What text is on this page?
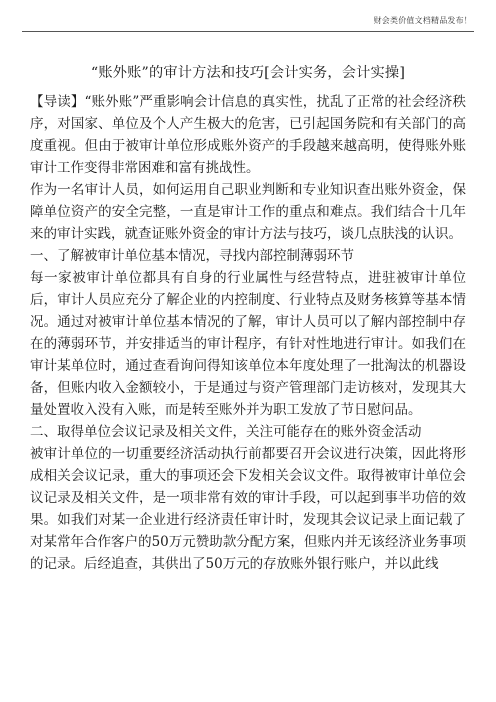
财会类价值文档精品发布！
“账外账”的审计方法和技巧[会计实务，会计实操]

【导读】“账外账”严重影响会计信息的真实性，扰乱了正常的社会经济秩序，对国家、单位及个人产生极大的危害，已引起国务院和有关部门的高度重视。但由于被审计单位形成账外资产的手段越来越高明，使得账外账审计工作变得非常困难和富有挑战性。

作为一名审计人员，如何运用自己职业判断和专业知识查出账外资金，保障单位资产的安全完整，一直是审计工作的重点和难点。我们结合十几年来的审计实践，就查证账外资金的审计方法与技巧，谈几点肤浅的认识。

一、了解被审计单位基本情况，寻找内部控制薄弱环节

每一家被审计单位都具有自身的行业属性与经营特点，进驻被审计单位后，审计人员应充分了解企业的内控制度、行业特点及财务核算等基本情况。通过对被审计单位基本情况的了解，审计人员可以了解内部控制中存在的薄弱环节，并安排适当的审计程序，有针对性地进行审计。如我们在审计某单位时，通过查看询问得知该单位本年度处理了一批淘汰的机器设备，但账内收入金额较小，于是通过与资产管理部门走访核对，发现其大量处置收入没有入账，而是转至账外并为职工发放了节日慰问品。

二、取得单位会议记录及相关文件，关注可能存在的账外资金活动

被审计单位的一切重要经济活动执行前都要召开会议进行决策，因此将形成相关会议记录，重大的事项还会下发相关会议文件。取得被审计单位会议记录及相关文件，是一项非常有效的审计手段，可以起到事半功倍的效果。如我们对某一企业进行经济责任审计时，发现其会议记录上面记载了对某常年合作客户的50万元赞助款分配方案，但账内并无该经济业务事项的记录。后经追查，其供出了50万元的存放账外银行账户，并以此线
